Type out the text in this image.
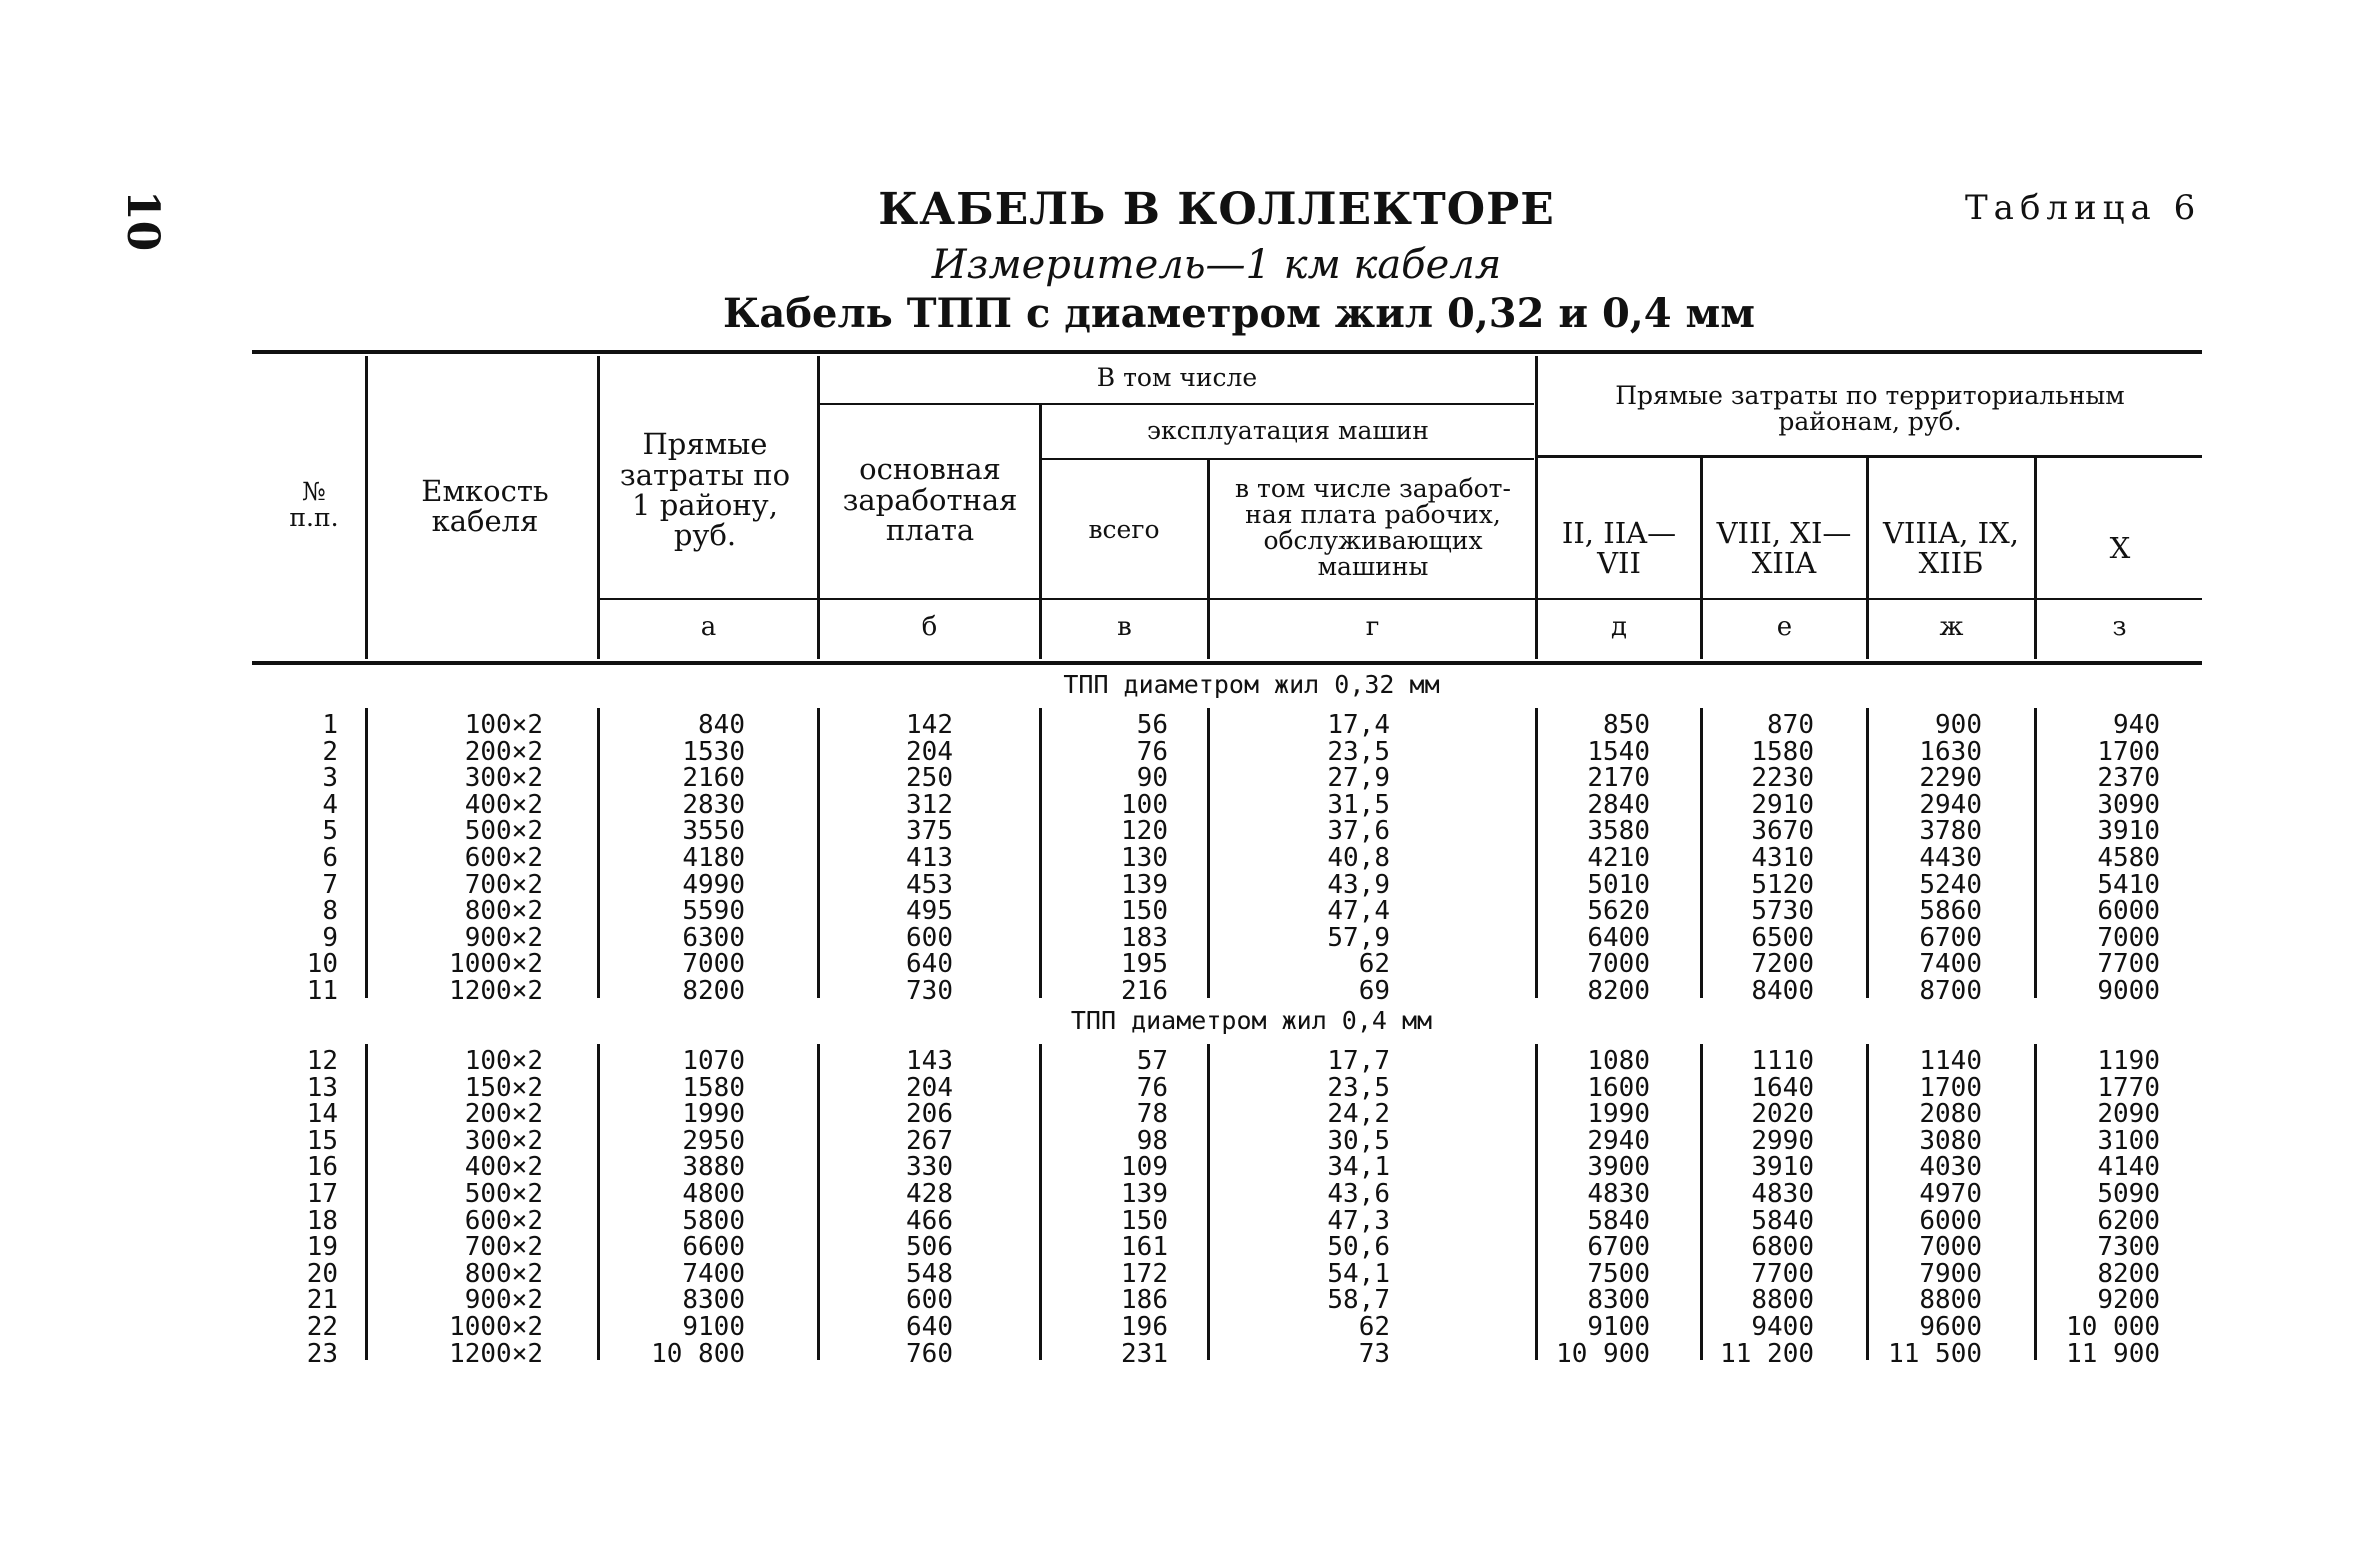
10	Таблица 6
КАБЕЛЬ В КОЛЛЕКТОРЕ
Измеритель—1 км кабеля
Кабель ТПП с диаметром жил 0,32 и 0,4 мм
№ п.п.
Емкость кабеля
Прямые затраты по 1 району, руб.
В том числе
основная заработная плата
эксплуатация машин
всего
в том числе заработ-ная плата рабочих, обслуживающих машины
Прямые затраты по территориальным районам, руб.
II, IIA—VII
VIII, XI—XIIA
VIIIA, IX, XIIБ	X
а	б	в	г	д	е	ж	з
ТПП диаметром жил 0,32 мм
ТПП диаметром жил 0,4 мм
1	100×2	840	142	56	17,4	850	870	900	940
2	200×2	1530	204	76	23,5	1540	1580	1630	1700
3	300×2	2160	250	90	27,9	2170	2230	2290	2370
4	400×2	2830	312	100	31,5	2840	2910	2940	3090
5	500×2	3550	375	120	37,6	3580	3670	3780	3910
6	600×2	4180	413	130	40,8	4210	4310	4430	4580
7	700×2	4990	453	139	43,9	5010	5120	5240	5410
8	800×2	5590	495	150	47,4	5620	5730	5860	6000
9	900×2	6300	600	183	57,9	6400	6500	6700	7000
10	1000×2	7000	640	195	62	7000	7200	7400	7700
11	1200×2	8200	730	216	69	8200	8400	8700	9000
12	100×2	1070	143	57	17,7	1080	1110	1140	1190
13	150×2	1580	204	76	23,5	1600	1640	1700	1770
14	200×2	1990	206	78	24,2	1990	2020	2080	2090
15	300×2	2950	267	98	30,5	2940	2990	3080	3100
16	400×2	3880	330	109	34,1	3900	3910	4030	4140
17	500×2	4800	428	139	43,6	4830	4830	4970	5090
18	600×2	5800	466	150	47,3	5840	5840	6000	6200
19	700×2	6600	506	161	50,6	6700	6800	7000	7300
20	800×2	7400	548	172	54,1	7500	7700	7900	8200
21	900×2	8300	600	186	58,7	8300	8800	8800	9200
22	1000×2	9100	640	196	62	9100	9400	9600	10 000
23	1200×2	10 800	760	231	73	10 900	11 200	11 500	11 900
